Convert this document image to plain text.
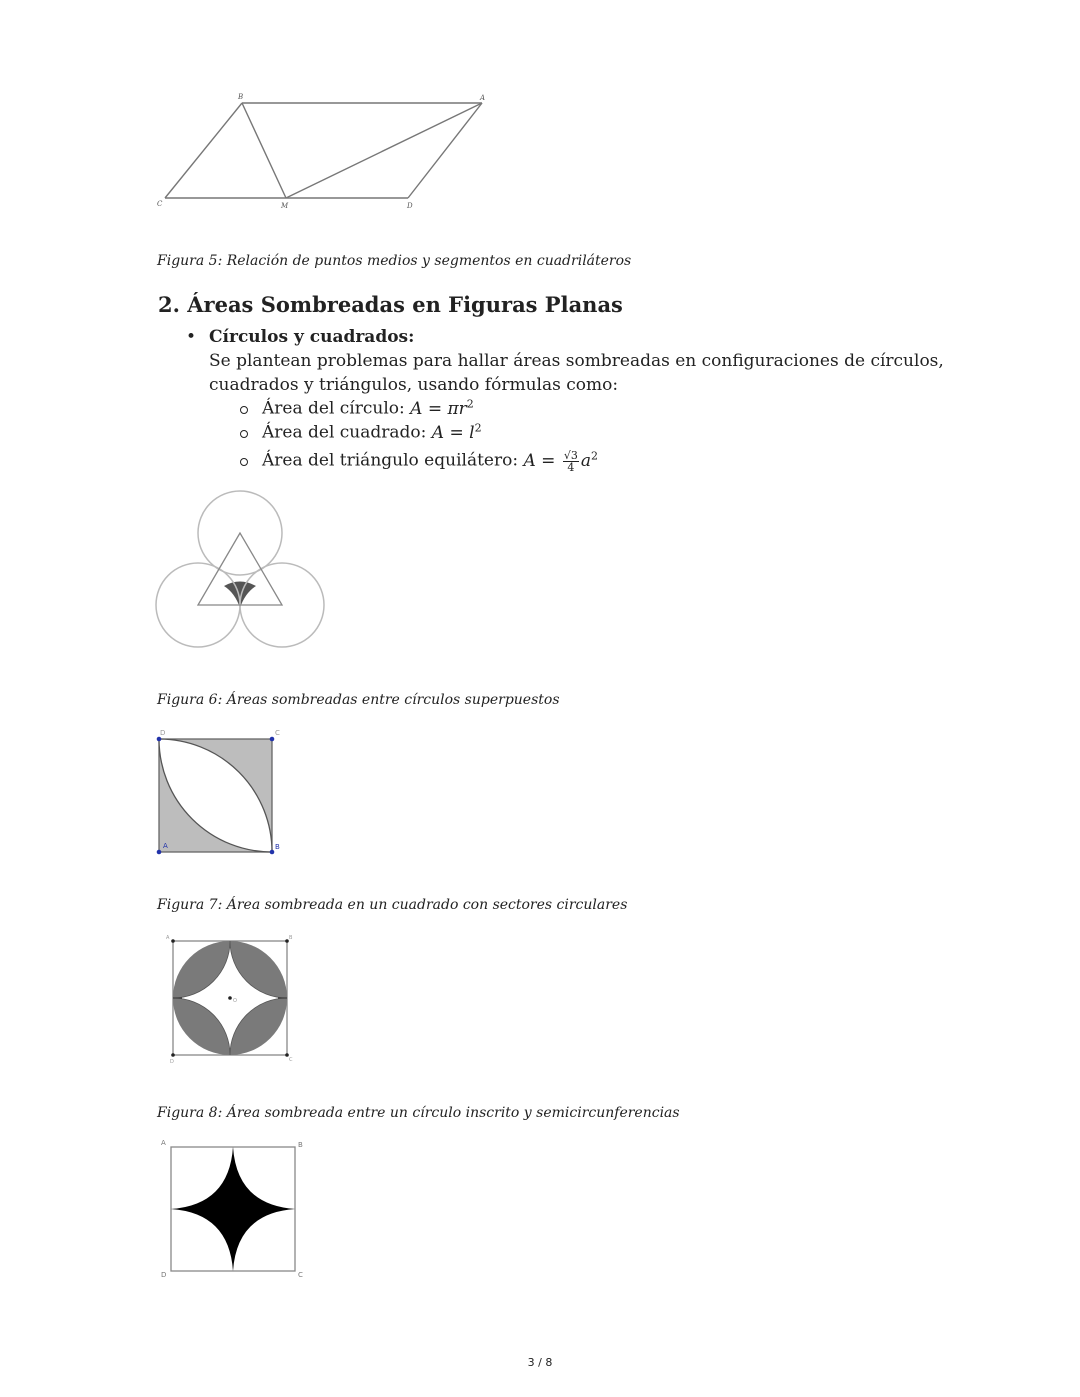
B	A
C	M	D
Figura 5: Relación de puntos medios y segmentos en cuadriláteros
2. Áreas Sombreadas en Figuras Planas
• Círculos y cuadrados:
Se plantean problemas para hallar áreas sombreadas en configuraciones de círculos, cuadrados y triángulos, usando fórmulas como:
Área del círculo: $A = \pi r^2$
Área del cuadrado: $A = l^2$
Área del triángulo equilátero: $A = \frac{√3}{4} a^2$
Figura 6: Áreas sombreadas entre círculos superpuestos
D	C
A	B
Figura 7: Área sombreada en un cuadrado con sectores circulares
A	B
D	C
O
Figura 8: Área sombreada entre un círculo inscrito y semicircunferencias
A	B
D	C
3 / 8
